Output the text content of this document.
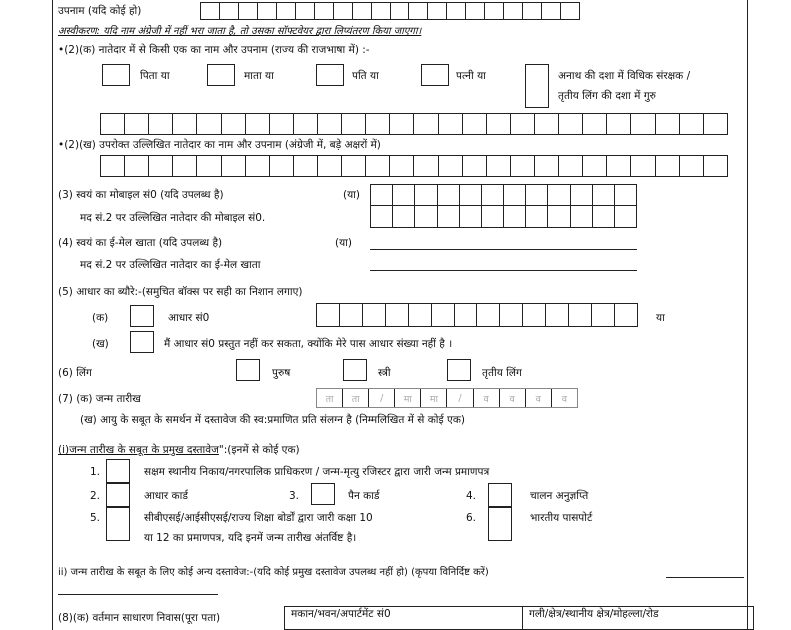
उपनाम (यदि कोई हो)
अस्वीकरण: यदि नाम अंग्रेजी में नहीं भरा जाता है, तो उसका सॉफ्टवेयर द्वारा लिप्यंतरण किया जाएगा।
•(2)(क) नातेदार में से किसी एक का नाम और उपनाम (राज्य की राजभाषा में) :-
पिता या	माता या	पति या	पत्नी या	अनाथ की दशा में विधिक संरक्षक /
तृतीय लिंग की दशा में गुरु
•(2)(ख) उपरोक्त उल्लिखित नातेदार का नाम और उपनाम (अंग्रेजी में, बड़े अक्षरों में)
(3) स्वयं का मोबाइल सं0 (यदि उपलब्ध है)	(या)
मद सं.2 पर उल्लिखित नातेदार की मोबाइल सं0.
(4) स्वयं का ई-मेल खाता (यदि उपलब्ध है)	(या)
मद सं.2 पर उल्लिखित नातेदार का ई-मेल खाता
(5) आधार का ब्यौरे:-(समुचित बॉक्स पर सही का निशान लगाए)
(क)	आधार सं0	या
(ख)	मैं आधार सं0 प्रस्तुत नहीं कर सकता, क्योंकि मेरे पास आधार संख्या नहीं है ।
(6) लिंग	पुरुष	स्त्री	तृतीय लिंग
(7) (क) जन्म तारीख	ता	ता	/	मा	मा	/	व	व	व	व
(ख) आयु के सबूत के समर्थन में दस्तावेज की स्व:प्रमाणित प्रति संलग्न है (निम्मलिखित में से कोई एक)
(i)जन्म तारीख के सबूत के प्रमुख दस्तावेज":(इनमें से कोई एक)
1.	सक्षम स्थानीय निकाय/नगरपालिक प्राधिकरण / जन्म-मृत्यु रजिस्टर द्वारा जारी जन्म प्रमाणपत्र
2.	आधार कार्ड	3.	पैन कार्ड	4.	चालन अनुज्ञप्ति
5.	सीबीएसई/आईसीएसई/राज्य शिक्षा बोर्डों द्वारा जारी कक्षा 10
या 12 का प्रमाणपत्र, यदि इनमें जन्म तारीख अंतर्विष्ट है।
6.	भारतीय पासपोर्ट
ii) जन्म तारीख के सबूत के लिए कोई अन्य दस्तावेज:-(यदि कोई प्रमुख दस्तावेज उपलब्ध नहीं हो) (कृपया विनिर्दिष्ट करें)
(8)(क) वर्तमान साधारण निवास(पूरा पता)	मकान/भवन/अपार्टमेंट सं0	गली/क्षेत्र/स्थानीय क्षेत्र/मोहल्ला/रोड
